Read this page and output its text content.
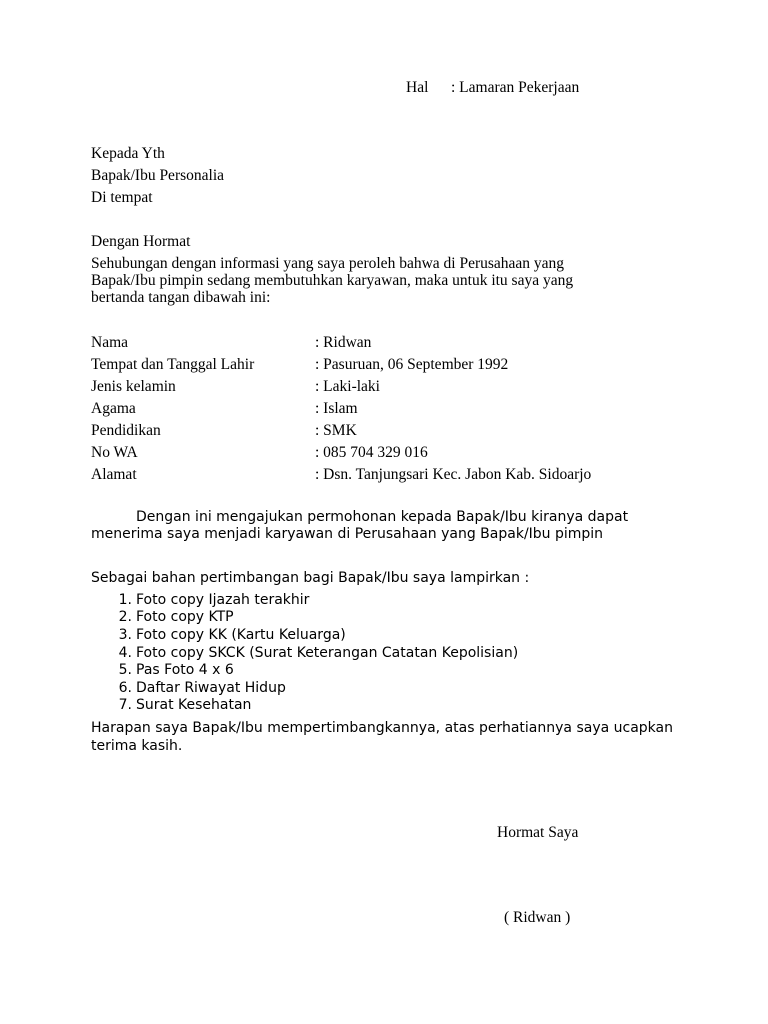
Hal : Lamaran Pekerjaan
Kepada Yth
Bapak/Ibu Personalia
Di tempat
Dengan Hormat
Sehubungan dengan informasi yang saya peroleh bahwa di Perusahaan yang
Bapak/Ibu pimpin sedang membutuhkan karyawan, maka untuk itu saya yang
bertanda tangan dibawah ini:
Nama	: Ridwan
Tempat dan Tanggal Lahir	: Pasuruan, 06 September 1992
Jenis kelamin	: Laki-laki
Agama	: Islam
Pendidikan	: SMK
No WA	: 085 704 329 016
Alamat	: Dsn. Tanjungsari Kec. Jabon Kab. Sidoarjo
Dengan ini mengajukan permohonan kepada Bapak/Ibu kiranya dapat
menerima saya menjadi karyawan di Perusahaan yang Bapak/Ibu pimpin
Sebagai bahan pertimbangan bagi Bapak/Ibu saya lampirkan :
1. Foto copy Ijazah terakhir
2. Foto copy KTP
3. Foto copy KK (Kartu Keluarga)
4. Foto copy SKCK (Surat Keterangan Catatan Kepolisian)
5. Pas Foto 4 x 6
6. Daftar Riwayat Hidup
7. Surat Kesehatan
Harapan saya Bapak/Ibu mempertimbangkannya, atas perhatiannya saya ucapkan
terima kasih.
Hormat Saya
( Ridwan )
